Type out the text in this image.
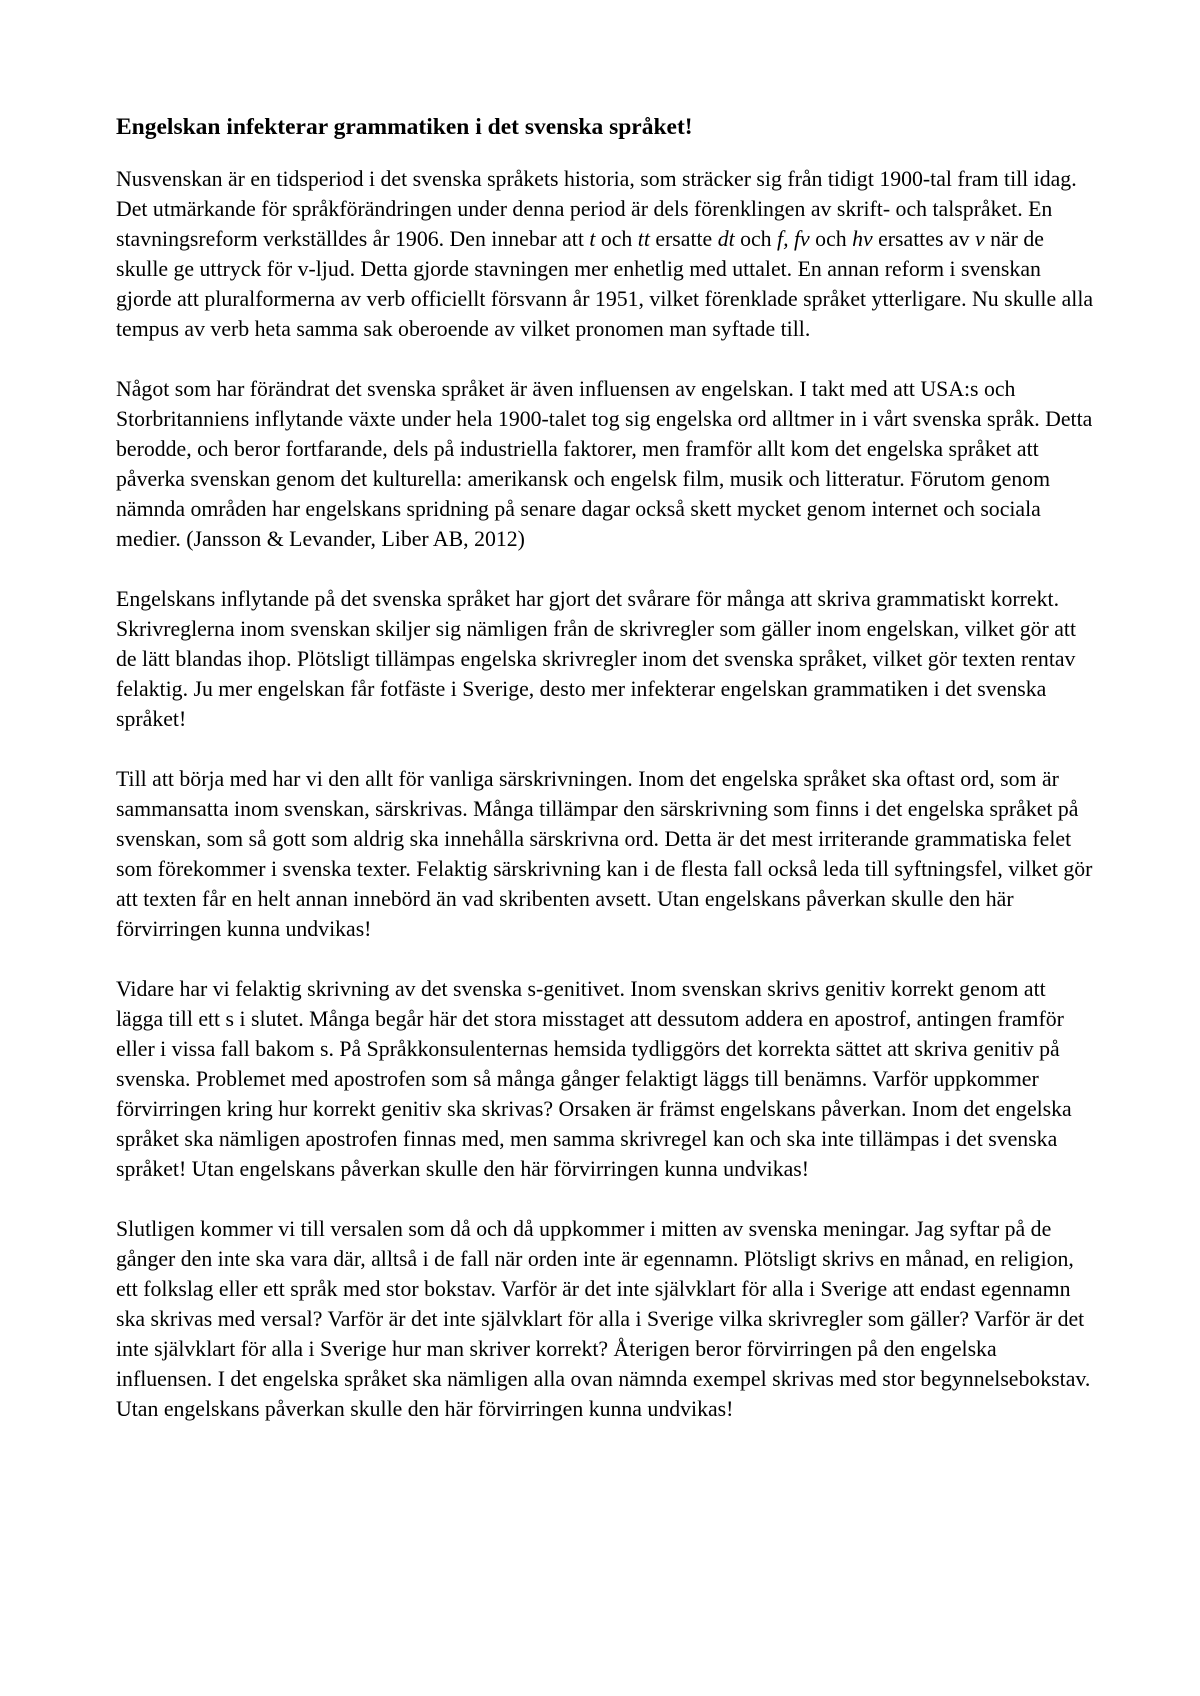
Engelskan infekterar grammatiken i det svenska språket!

Nusvenskan är en tidsperiod i det svenska språkets historia, som sträcker sig från tidigt 1900-tal fram till idag. Det utmärkande för språkförändringen under denna period är dels förenklingen av skrift- och talspråket. En stavningsreform verkställdes år 1906. Den innebar att t och tt ersatte dt och f, fv och hv ersattes av v när de skulle ge uttryck för v-ljud. Detta gjorde stavningen mer enhetlig med uttalet. En annan reform i svenskan gjorde att pluralformerna av verb officiellt försvann år 1951, vilket förenklade språket ytterligare. Nu skulle alla tempus av verb heta samma sak oberoende av vilket pronomen man syftade till.

Något som har förändrat det svenska språket är även influensen av engelskan. I takt med att USA:s och Storbritanniens inflytande växte under hela 1900-talet tog sig engelska ord alltmer in i vårt svenska språk. Detta berodde, och beror fortfarande, dels på industriella faktorer, men framför allt kom det engelska språket att påverka svenskan genom det kulturella: amerikansk och engelsk film, musik och litteratur. Förutom genom nämnda områden har engelskans spridning på senare dagar också skett mycket genom internet och sociala medier. (Jansson & Levander, Liber AB, 2012)

Engelskans inflytande på det svenska språket har gjort det svårare för många att skriva grammatiskt korrekt. Skrivreglerna inom svenskan skiljer sig nämligen från de skrivregler som gäller inom engelskan, vilket gör att de lätt blandas ihop. Plötsligt tillämpas engelska skrivregler inom det svenska språket, vilket gör texten rentav felaktig. Ju mer engelskan får fotfäste i Sverige, desto mer infekterar engelskan grammatiken i det svenska språket!

Till att börja med har vi den allt för vanliga särskrivningen. Inom det engelska språket ska oftast ord, som är sammansatta inom svenskan, särskrivas. Många tillämpar den särskrivning som finns i det engelska språket på svenskan, som så gott som aldrig ska innehålla särskrivna ord. Detta är det mest irriterande grammatiska felet som förekommer i svenska texter. Felaktig särskrivning kan i de flesta fall också leda till syftningsfel, vilket gör att texten får en helt annan innebörd än vad skribenten avsett. Utan engelskans påverkan skulle den här förvirringen kunna undvikas!

Vidare har vi felaktig skrivning av det svenska s-genitivet. Inom svenskan skrivs genitiv korrekt genom att lägga till ett s i slutet. Många begår här det stora misstaget att dessutom addera en apostrof, antingen framför eller i vissa fall bakom s. På Språkkonsulenternas hemsida tydliggörs det korrekta sättet att skriva genitiv på svenska. Problemet med apostrofen som så många gånger felaktigt läggs till benämns. Varför uppkommer förvirringen kring hur korrekt genitiv ska skrivas? Orsaken är främst engelskans påverkan. Inom det engelska språket ska nämligen apostrofen finnas med, men samma skrivregel kan och ska inte tillämpas i det svenska språket! Utan engelskans påverkan skulle den här förvirringen kunna undvikas!

Slutligen kommer vi till versalen som då och då uppkommer i mitten av svenska meningar. Jag syftar på de gånger den inte ska vara där, alltså i de fall när orden inte är egennamn. Plötsligt skrivs en månad, en religion, ett folkslag eller ett språk med stor bokstav. Varför är det inte självklart för alla i Sverige att endast egennamn ska skrivas med versal? Varför är det inte självklart för alla i Sverige vilka skrivregler som gäller? Varför är det inte självklart för alla i Sverige hur man skriver korrekt? Återigen beror förvirringen på den engelska influensen. I det engelska språket ska nämligen alla ovan nämnda exempel skrivas med stor begynnelsebokstav. Utan engelskans påverkan skulle den här förvirringen kunna undvikas!
